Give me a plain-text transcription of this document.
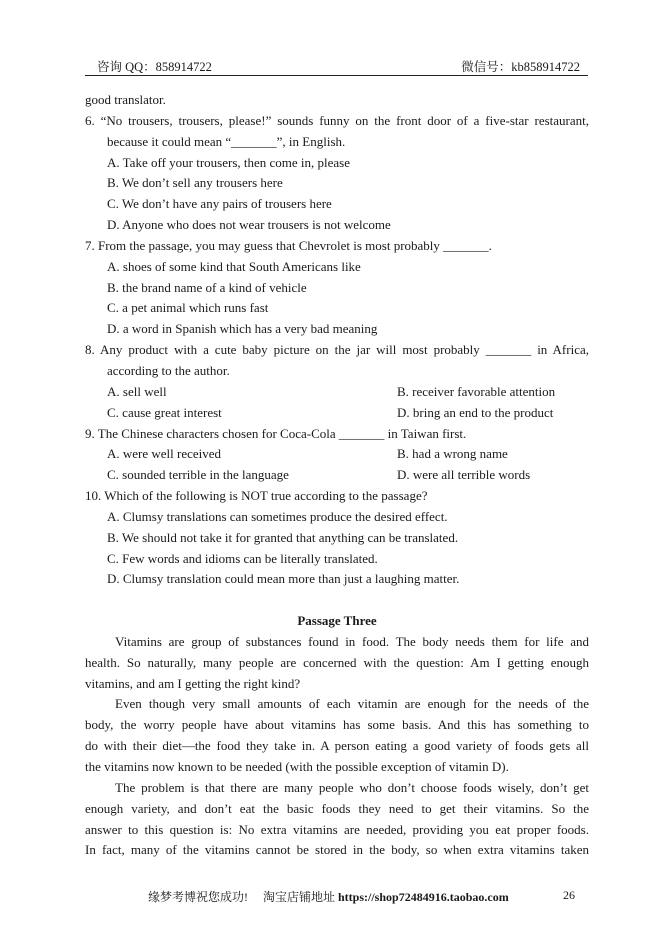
咨询 QQ：858914722	微信号：kb858914722
good translator.
6. “No trousers, trousers, please!” sounds funny on the front door of a five-star restaurant,
because it could mean “_______”, in English.
A. Take off your trousers, then come in, please
B. We don’t sell any trousers here
C. We don’t have any pairs of trousers here
D. Anyone who does not wear trousers is not welcome
7. From the passage, you may guess that Chevrolet is most probably _______.
A. shoes of some kind that South Americans like
B. the brand name of a kind of vehicle
C. a pet animal which runs fast
D. a word in Spanish which has a very bad meaning
8. Any product with a cute baby picture on the jar will most probably _______ in Africa,
according to the author.
A. sell well	B. receiver favorable attention
C. cause great interest	D. bring an end to the product
9. The Chinese characters chosen for Coca-Cola _______ in Taiwan first.
A. were well received	B. had a wrong name
C. sounded terrible in the language	D. were all terrible words
10. Which of the following is NOT true according to the passage?
A. Clumsy translations can sometimes produce the desired effect.
B. We should not take it for granted that anything can be translated.
C. Few words and idioms can be literally translated.
D. Clumsy translation could mean more than just a laughing matter.
Passage Three
Vitamins are group of substances found in food. The body needs them for life and
health. So naturally, many people are concerned with the question: Am I getting enough
vitamins, and am I getting the right kind?
Even though very small amounts of each vitamin are enough for the needs of the
body, the worry people have about vitamins has some basis. And this has something to
do with their diet—the food they take in. A person eating a good variety of foods gets all
the vitamins now known to be needed (with the possible exception of vitamin D).
The problem is that there are many people who don’t choose foods wisely, don’t get
enough variety, and don’t eat the basic foods they need to get their vitamins. So the
answer to this question is: No extra vitamins are needed, providing you eat proper foods.
In fact, many of the vitamins cannot be stored in the body, so when extra vitamins taken
缘梦考博祝您成功!　 淘宝店铺地址 https://shop72484916.taobao.com	26
